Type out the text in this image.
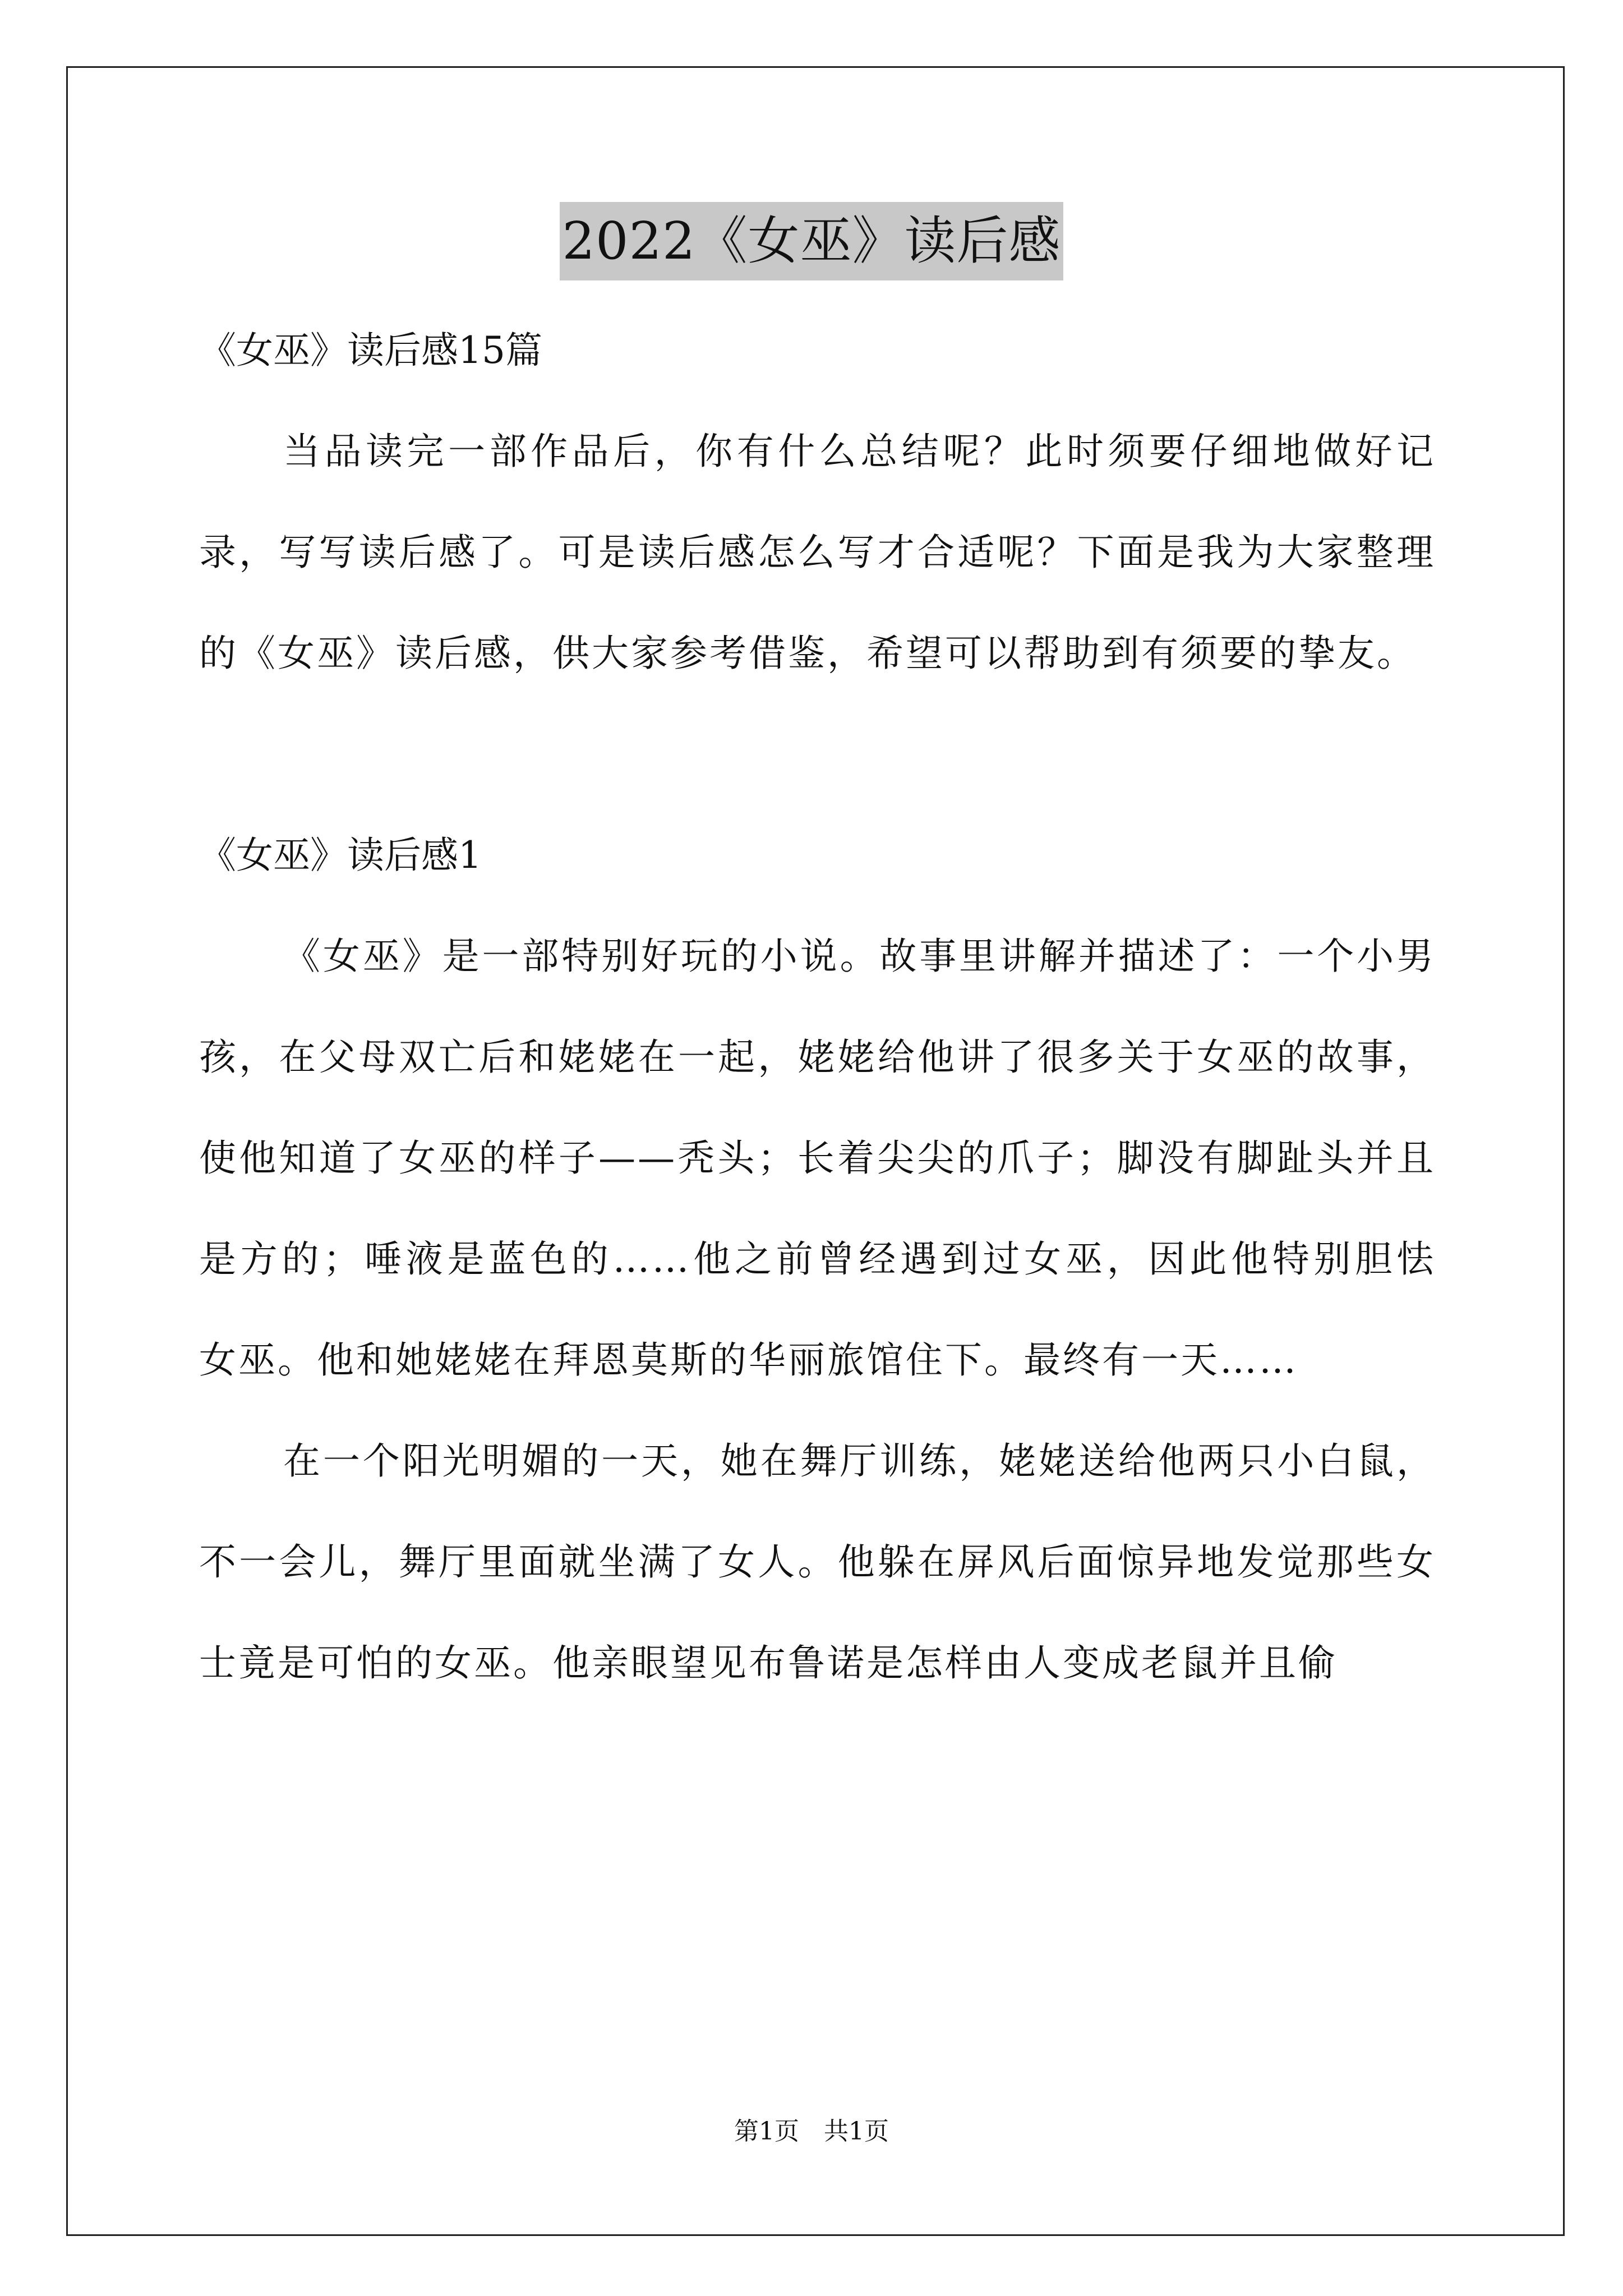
2022《女巫》读后感

《女巫》读后感15篇

当品读完一部作品后，你有什么总结呢？此时须要仔细地做好记录，写写读后感了。可是读后感怎么写才合适呢？下面是我为大家整理的《女巫》读后感，供大家参考借鉴，希望可以帮助到有须要的挚友。

《女巫》读后感1

《女巫》是一部特别好玩的小说。故事里讲解并描述了：一个小男孩，在父母双亡后和姥姥在一起，姥姥给他讲了很多关于女巫的故事，使他知道了女巫的样子——秃头；长着尖尖的爪子；脚没有脚趾头并且是方的；唾液是蓝色的……他之前曾经遇到过女巫，因此他特别胆怯　女巫。他和她姥姥在拜恩莫斯的华丽旅馆住下。最终有一天……

在一个阳光明媚的一天，她在舞厅训练，姥姥送给他两只小白鼠，不一会儿，舞厅里面就坐满了女人。他躲在屏风后面惊异地发觉那些女士竟是可怕的女巫。他亲眼望见布鲁诺是怎样由人变成老鼠并且偷

第1页　共1页
